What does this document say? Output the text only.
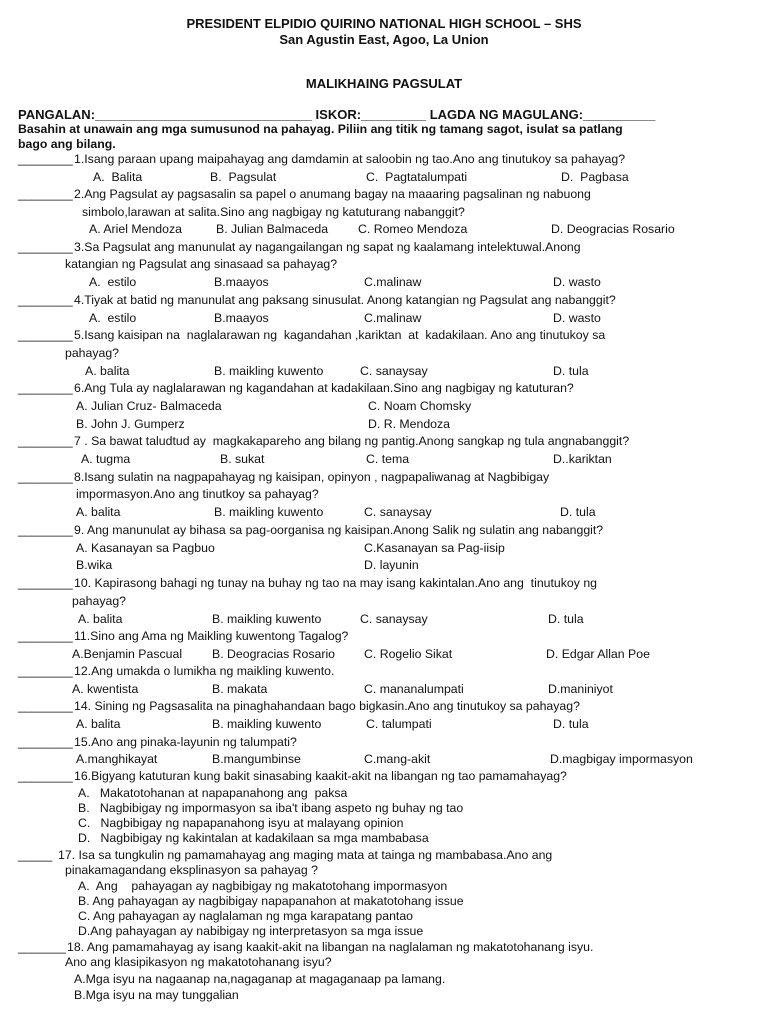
PRESIDENT ELPIDIO QUIRINO NATIONAL HIGH SCHOOL – SHS
San Agustin East, Agoo, La Union
MALIKHAING PAGSULAT
PANGALAN:______________________________ ISKOR:_________ LAGDA NG MAGULANG:__________
Basahin at unawain ang mga sumusunod na pahayag. Piliin ang titik ng tamang sagot, isulat sa patlang
bago ang bilang.
________ 1.Isang paraan upang maipahayag ang damdamin at saloobin ng tao.Ano ang tinutukoy sa pahayag?
A.  Balita	B.  Pagsulat	C.  Pagtatalumpati	D.  Pagbasa
________ 2.Ang Pagsulat ay pagsasalin sa papel o anumang bagay na maaaring pagsalinan ng nabuong
simbolo,larawan at salita.Sino ang nagbigay ng katuturang nabanggit?
A. Ariel Mendoza	B. Julian Balmaceda C. Romeo Mendoza	D. Deogracias Rosario
________ 3.Sa Pagsulat ang manunulat ay nagangailangan ng sapat ng kaalamang intelektuwal.Anong
katangian ng Pagsulat ang sinasaad sa pahayag?
A.  estilo	B.maayos	C.malinaw	D. wasto
________ 4.Tiyak at batid ng manunulat ang paksang sinusulat. Anong katangian ng Pagsulat ang nabanggit?
A.  estilo	B.maayos	C.malinaw	D. wasto
________ 5.Isang kaisipan na  naglalarawan ng  kagandahan ,kariktan  at  kadakilaan. Ano ang tinutukoy sa
pahayag?
A. balita	B. maikling kuwento	C. sanaysay	D. tula
________ 6.Ang Tula ay naglalarawan ng kagandahan at kadakilaan.Sino ang nagbigay ng katuturan?
A. Julian Cruz- Balmaceda	C. Noam Chomsky
B. John J. Gumperz	D. R. Mendoza
________ 7 . Sa bawat taludtud ay  magkakapareho ang bilang ng pantig.Anong sangkap ng tula angnabanggit?
A. tugma	B. sukat	C. tema	D..kariktan
________ 8.Isang sulatin na nagpapahayag ng kaisipan, opinyon , nagpapaliwanag at Nagbibigay
impormasyon.Ano ang tinutkoy sa pahayag?
A. balita	B. maikling kuwento	C. sanaysay	D. tula
________ 9. Ang manunulat ay bihasa sa pag-oorganisa ng kaisipan.Anong Salik ng sulatin ang nabanggit?
A. Kasanayan sa Pagbuo	C.Kasanayan sa Pag-iisip
B.wika	D. layunin
________ 10. Kapirasong bahagi ng tunay na buhay ng tao na may isang kakintalan.Ano ang  tinutukoy ng
pahayag?
A. balita	B. maikling kuwento	C. sanaysay	D. tula
________ 11.Sino ang Ama ng Maikling kuwentong Tagalog?
A.Benjamin Pascual B. Deogracias Rosario C. Rogelio Sikat	D. Edgar Allan Poe
________ 12.Ang umakda o lumikha ng maikling kuwento.
A. kwentista	B. makata	C. mananalumpati	D.maniniyot
________ 14. Sining ng Pagsasalita na pinaghahandaan bago bigkasin.Ano ang tinutukoy sa pahayag?
A. balita	B. maikling kuwento	C. talumpati	D. tula
________ 15.Ano ang pinaka-layunin ng talumpati?
A.manghikayat	B.mangumbinse	C.mang-akit	D.magbigay impormasyon
________ 16.Bigyang katuturan kung bakit sinasabing kaakit-akit na libangan ng tao pamamahayag?
A.   Makatotohanan at napapanahong ang  paksa
B.   Nagbibigay ng impormasyon sa iba't ibang aspeto ng buhay ng tao
C.   Nagbibigay ng napapanahong isyu at malayang opinion
D.   Nagbibigay ng kakintalan at kadakilaan sa mga mambabasa
_____ 17. Isa sa tungkulin ng pamamahayag ang maging mata at tainga ng mambabasa.Ano ang
pinakamagandang eksplinasyon sa pahayag ?
A.  Ang    pahayagan ay nagbibigay ng makatotohang impormasyon
B. Ang pahayagan ay nagbibigay napapanahon at makatotohang issue
C. Ang pahayagan ay naglalaman ng mga karapatang pantao
D.Ang pahayagan ay nabibigay ng interpretasyon sa mga issue
_______ 18. Ang pamamahayag ay isang kaakit-akit na libangan na naglalaman ng makatotohanang isyu.
Ano ang klasipikasyon ng makatotohanang isyu?
A.Mga isyu na nagaanap na,nagaganap at magaganaap pa lamang.
B.Mga isyu na may tunggalian
